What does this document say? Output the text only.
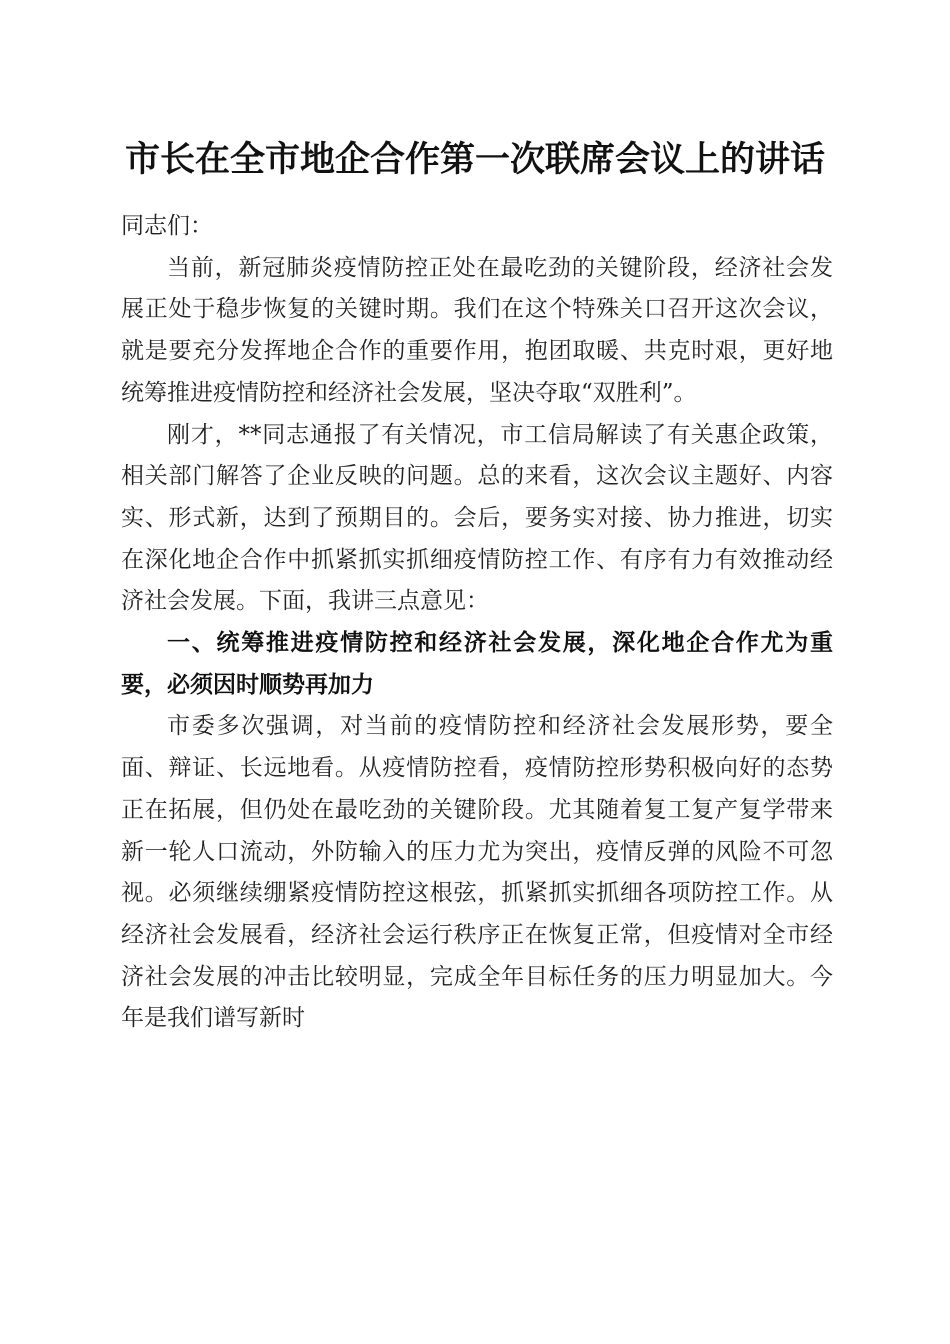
市长在全市地企合作第一次联席会议上的讲话

同志们：

当前，新冠肺炎疫情防控正处在最吃劲的关键阶段，经济社会发展正处于稳步恢复的关键时期。我们在这个特殊关口召开这次会议，就是要充分发挥地企合作的重要作用，抱团取暖、共克时艰，更好地统筹推进疫情防控和经济社会发展，坚决夺取“双胜利”。

刚才，**同志通报了有关情况，市工信局解读了有关惠企政策，相关部门解答了企业反映的问题。总的来看，这次会议主题好、内容实、形式新，达到了预期目的。会后，要务实对接、协力推进，切实在深化地企合作中抓紧抓实抓细疫情防控工作、有序有力有效推动经济社会发展。下面，我讲三点意见：

一、统筹推进疫情防控和经济社会发展，深化地企合作尤为重要，必须因时顺势再加力

市委多次强调，对当前的疫情防控和经济社会发展形势，要全面、辩证、长远地看。从疫情防控看，疫情防控形势积极向好的态势正在拓展，但仍处在最吃劲的关键阶段。尤其随着复工复产复学带来新一轮人口流动，外防输入的压力尤为突出，疫情反弹的风险不可忽视。必须继续绷紧疫情防控这根弦，抓紧抓实抓细各项防控工作。从经济社会发展看，经济社会运行秩序正在恢复正常，但疫情对全市经济社会发展的冲击比较明显，完成全年目标任务的压力明显加大。今年是我们谱写新时
